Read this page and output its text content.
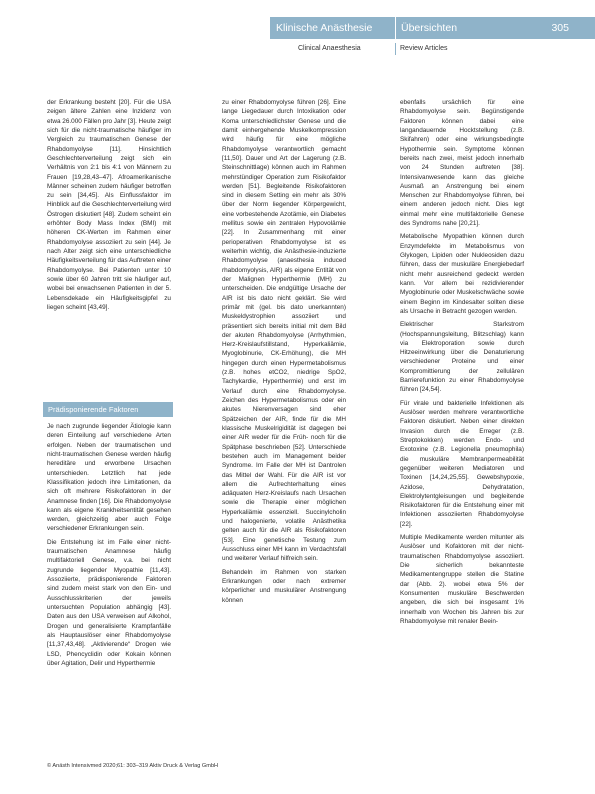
Klinische Anästhesie	Übersichten	305
Clinical Anaesthesia	Review Articles

der Erkrankung besteht [20]. Für die USA zeigen ältere Zahlen eine Inzidenz von etwa 26.000 Fällen pro Jahr [3]. Heute zeigt sich für die nicht-traumatische häufiger im Vergleich zu traumatischen Genese der Rhabdomyolyse [11]. Hinsichtlich Geschlechterverteilung zeigt sich ein Verhältnis von 2:1 bis 4:1 von Männern zu Frauen [19,28,43–47]. Afroamerikanische Männer scheinen zudem häufiger betroffen zu sein [34,45]. Als Einflussfaktor im Hinblick auf die Geschlechterverteilung wird Östrogen diskutiert [48]. Zudem scheint ein erhöhter Body Mass Index (BMI) mit höheren CK-Werten im Rahmen einer Rhabdomyolyse assoziiert zu sein [44]. Je nach Alter zeigt sich eine unterschiedliche Häufigkeitsverteilung für das Auftreten einer Rhabdomyolyse. Bei Patienten unter 10 sowie über 60 Jahren tritt sie häufiger auf, wobei bei erwachsenen Patienten in der 5. Lebensdekade ein Häufigkeitsgipfel zu liegen scheint [43,49].

Prädisponierende Faktoren

Je nach zugrunde liegender Ätiologie kann deren Einteilung auf verschiedene Arten erfolgen. Neben der traumatischen und nicht-traumatischen Genese werden häufig hereditäre und erworbene Ursachen unterschieden. Letztlich hat jede Klassifikation jedoch ihre Limitationen, da sich oft mehrere Risikofaktoren in der Anamnese finden [16]. Die Rhabdomyolyse kann als eigene Krankheitsentität gesehen werden, gleichzeitig aber auch Folge verschiedener Erkrankungen sein.

Die Entstehung ist im Falle einer nicht-traumatischen Anamnese häufig multifaktoriell Genese, v.a. bei nicht zugrunde liegender Myopathie [11,43]. Assoziierte, prädisponierende Faktoren sind zudem meist stark von den Ein- und Ausschlusskriterien der jeweils untersuchten Population abhängig [43]. Daten aus den USA verweisen auf Alkohol, Drogen und generalisierte Krampfanfälle als Hauptauslöser einer Rhabdomyolyse [11,37,43,48]. „Aktivierende“ Drogen wie LSD, Phencyclidin oder Kokain können über Agitation, Delir und Hyperthermie

zu einer Rhabdomyolyse führen [26]. Eine lange Liegedauer durch Intoxikation oder Koma unterschiedlichster Genese und die damit einhergehende Muskelkompression wird häufig für eine mögliche Rhabdomyolyse verantwortlich gemacht [11,50]. Dauer und Art der Lagerung (z.B. Steinschnittlage) können auch im Rahmen mehrstündiger Operation zum Risikofaktor werden [51]. Begleitende Risikofaktoren sind in diesem Setting ein mehr als 30% über der Norm liegender Körpergewicht, eine vorbestehende Azotämie, ein Diabetes mellitus sowie ein zentralen Hypovolämie [22]. In Zusammenhang mit einer perioperativen Rhabdomyolyse ist es weiterhin wichtig, die Anästhesie-induzierte Rhabdomyolyse (anaesthesia induced rhabdomyolysis, AIR) als eigene Entität von der Malignen Hyperthermie (MH) zu unterscheiden. Die endgültige Ursache der AIR ist bis dato nicht geklärt. Sie wird primär mit (gel. bis dato unerkannten) Muskeldystrophien assoziiert und präsentiert sich bereits initial mit dem Bild der akuten Rhabdomyolyse (Arrhythmien, Herz-Kreislaufstillstand, Hyperkaliämie, Myoglobinurie, CK-Erhöhung), die MH hingegen durch einen Hypermetabolismus (z.B. hohes etCO2, niedrige SpO2, Tachykardie, Hyperthermie) und erst im Verlauf durch eine Rhabdomyolyse. Zeichen des Hypermetabolismus oder ein akutes Nierenversagen sind eher Spätzeichen der AIR, finde für die MH klassische Muskelrigidität ist dagegen bei einer AIR weder für die Früh- noch für die Spätphase beschrieben [52]. Unterschiede bestehen auch im Management beider Syndrome. Im Falle der MH ist Dantrolen das Mittel der Wahl. Für die AIR ist vor allem die Aufrechterhaltung eines adäquaten Herz-Kreislaufs nach Ursachen sowie die Therapie einer möglichen Hyperkaliämie essenziell. Succinylcholin und halogenierte, volatile Anästhetika gelten auch für die AIR als Risikofaktoren [53]. Eine genetische Testung zum Ausschluss einer MH kann im Verdachtsfall und weiterer Verlauf hilfreich sein.

Behandeln im Rahmen von starken Erkrankungen oder nach extremer körperlicher und muskulärer Anstrengung können

ebenfalls ursächlich für eine Rhabdomyolyse sein. Begünstigende Faktoren können dabei eine langandauernde Hocktstellung (z.B. Skifahren) oder eine wirkungsbedingte Hypothermie sein. Symptome können bereits nach zwei, meist jedoch innerhalb von 24 Stunden auftreten [38]. Intensivanwesende kann das gleiche Ausmaß an Anstrengung bei einem Menschen zur Rhabdomyolyse führen, bei einem anderen jedoch nicht. Dies legt einmal mehr eine multifaktorielle Genese des Syndroms nahe [20,21].

Metabolische Myopathien können durch Enzymdefekte im Metabolismus von Glykogen, Lipiden oder Nukleosiden dazu führen, dass der muskuläre Energiebedarf nicht mehr ausreichend gedeckt werden kann. Vor allem bei rezidivierender Myoglobinurie oder Muskelschwäche sowie einem Beginn im Kindesalter sollten diese als Ursache in Betracht gezogen werden.

Elektrischer Starkstrom (Hochspannungsleitung, Blitzschlag) kann via Elektroporation sowie durch Hitzeeinwirkung über die Denaturierung verschiedener Proteine und einer Kompromittierung der zellulären Barrierefunktion zu einer Rhabdomyolyse führen [24,54].

Für virale und bakterielle Infektionen als Auslöser werden mehrere verantwortliche Faktoren diskutiert. Neben einer direkten Invasion durch die Erreger (z.B. Streptokokken) werden Endo- und Exotoxine (z.B. Legionella pneumophila) die muskuläre Membranpermeabilität gegenüber weiteren Mediatoren und Toxinen [14,24,25,55]. Gewebshypoxie, Azidose, Dehydratation, Elektrolytentgleisungen und begleitende Risikofaktoren für die Entstehung einer mit Infektionen assoziierten Rhabdomyolyse [22].

Multiple Medikamente werden mitunter als Auslöser und Kofaktoren mit der nicht-traumatischen Rhabdomyolyse assoziiert. Die sicherlich bekannteste Medikamentengruppe stellen die Statine dar (Abb. 2). wobei etwa 5% der Konsumenten muskuläre Beschwerden angeben, die sich bei insgesamt 1% innerhalb von Wochen bis Jahren bis zur Rhabdomyolyse mit renaler Beein-

© Anästh Intensivmed 2020;61: 303–319 Aktiv Druck & Verlag GmbH
